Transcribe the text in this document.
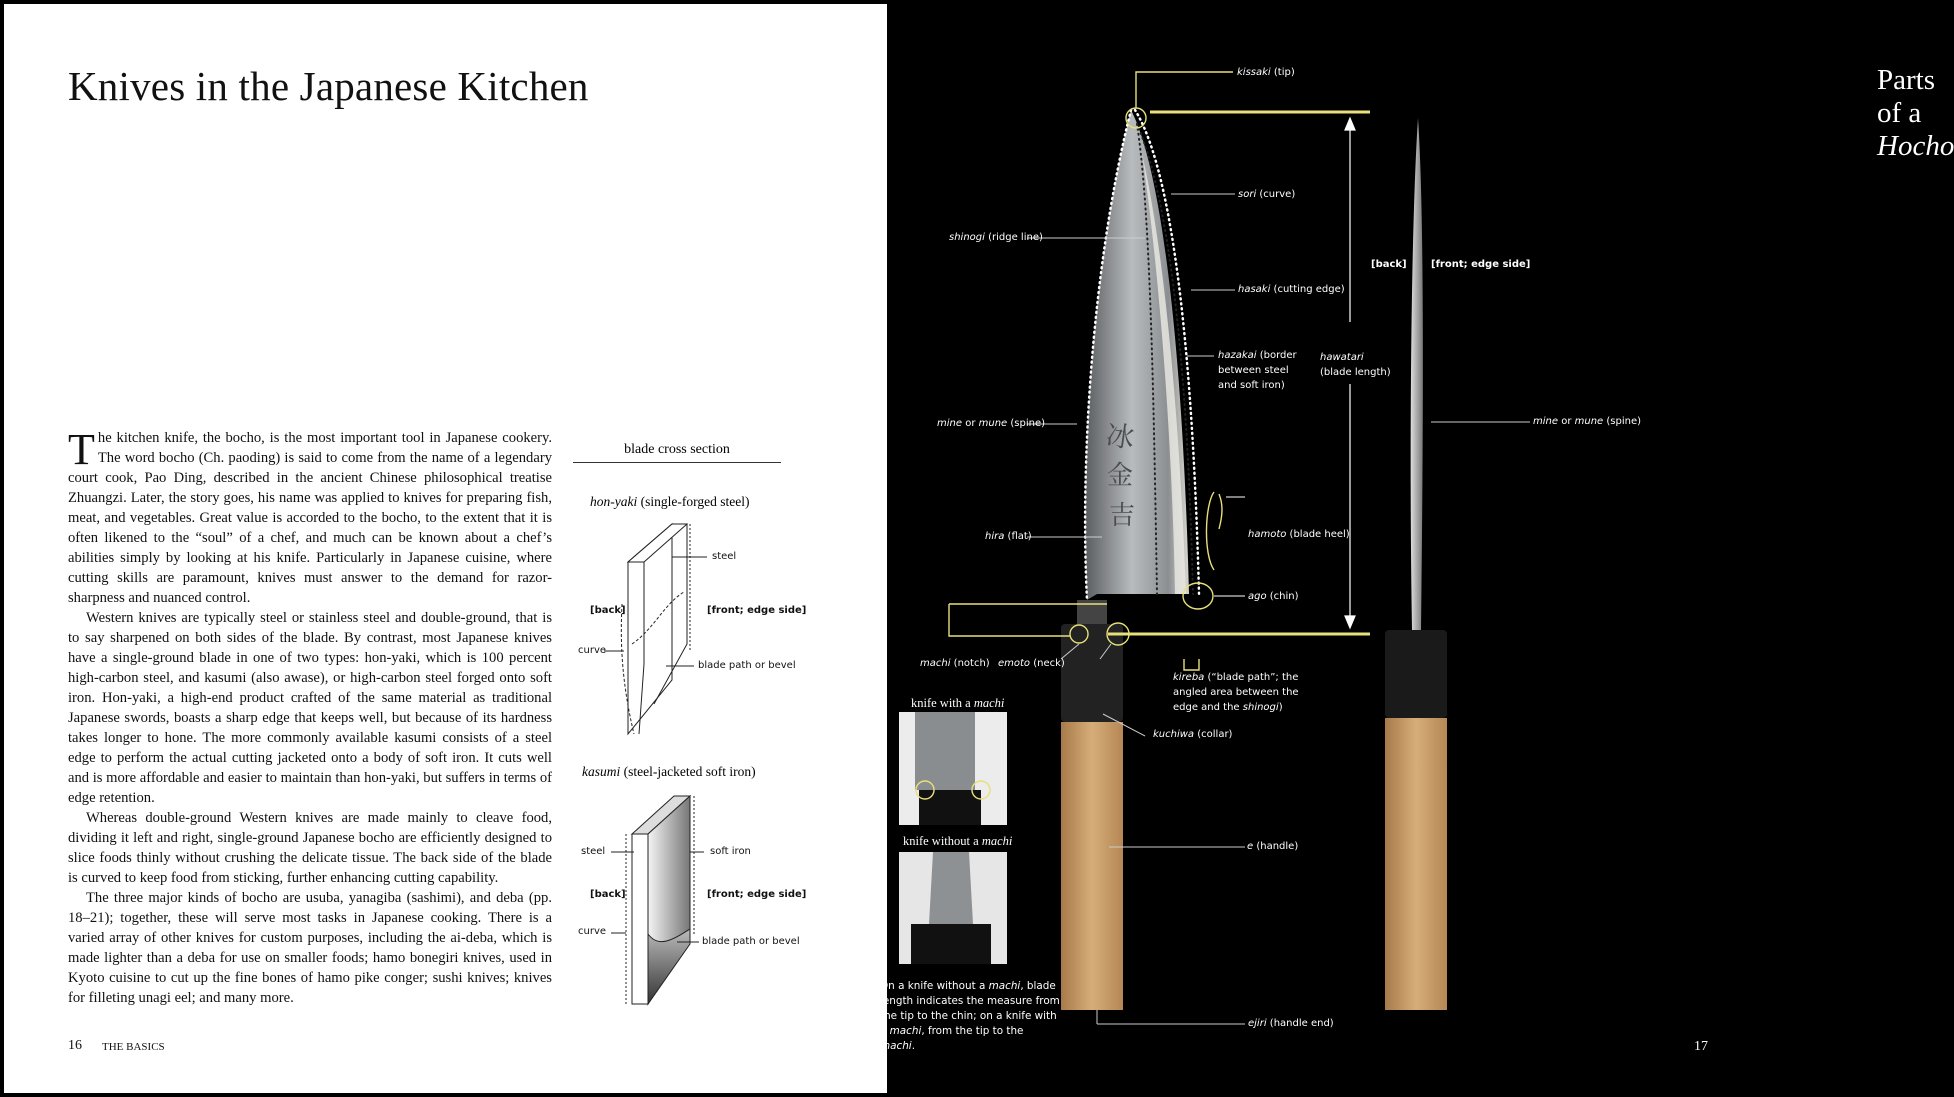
Knives in the Japanese Kitchen

The kitchen knife, the bocho, is the most important tool in Japanese cookery. The word bocho (Ch. paoding) is said to come from the name of a legendary court cook, Pao Ding, described in the ancient Chinese philosophical treatise Zhuangzi. Later, the story goes, his name was applied to knives for preparing fish, meat, and vegetables. Great value is accorded to the bocho, to the extent that it is often likened to the “soul” of a chef, and much can be known about a chef’s abilities simply by looking at his knife. Particularly in Japanese cuisine, where cutting skills are paramount, knives must answer to the demand for razor-sharpness and nuanced control.

Western knives are typically steel or stainless steel and double-ground, that is to say sharpened on both sides of the blade. By contrast, most Japanese knives have a single-ground blade in one of two types: hon-yaki, which is 100 percent high-carbon steel, and kasumi (also awase), or high-carbon steel forged onto soft iron. Hon-yaki, a high-end product crafted of the same material as traditional Japanese swords, boasts a sharp edge that keeps well, but because of its hardness takes longer to hone. The more commonly available kasumi consists of a steel edge to perform the actual cutting jacketed onto a body of soft iron. It cuts well and is more affordable and easier to maintain than hon-yaki, but suffers in terms of edge retention.

Whereas double-ground Western knives are made mainly to cleave food, dividing it left and right, single-ground Japanese bocho are efficiently designed to slice foods thinly without crushing the delicate tissue. The back side of the blade is curved to keep food from sticking, further enhancing cutting capability.

The three major kinds of bocho are usuba, yanagiba (sashimi), and deba (pp. 18–21); together, these will serve most tasks in Japanese cooking. There is a varied array of other knives for custom purposes, including the ai-deba, which is made lighter than a deba for use on smaller foods; hamo bonegiri knives, used in Kyoto cuisine to cut up the fine bones of hamo pike conger; sushi knives; knives for filleting unagi eel; and many more.

blade cross section
hon-yaki (single-forged steel)
kasumi (steel-jacketed soft iron)
steel
[back]	[front; edge side]
curve
blade path or bevel
steel	soft iron
[back]	[front; edge side]
curve
blade path or bevel
16 THE BASICS
Parts of a Hocho
冰
金
吉
knife with a machi
knife without a machi
On a knife without a machi, blade length indicates the measure from the tip to the chin; on a knife with a machi, from the tip to the machi.
kissaki (tip)
sori (curve)
shinogi (ridge line)
hasaki (cutting edge)
[back] [front; edge side]
hazakai (border
between steel
and soft iron)
hawatari
(blade length)
mine or mune (spine)	mine or mune (spine)
hira (flat)	hamoto (blade heel)
ago (chin)
machi (notch) emoto (neck)
kireba (“blade path”; the
angled area between the
edge and the shinogi)
kuchiwa (collar)
e (handle)
ejiri (handle end)
17
